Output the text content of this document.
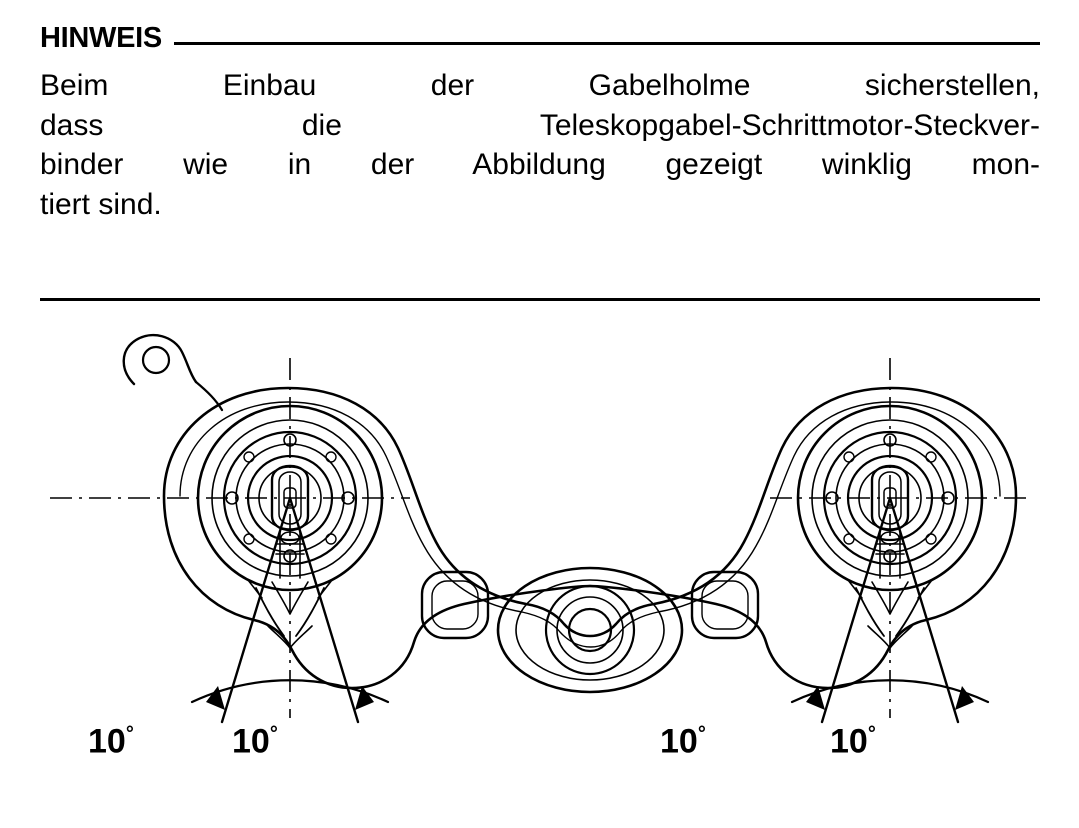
HINWEIS
Beim Einbau der Gabelholme sicherstellen,
dass die Teleskopgabel-Schrittmotor-Steckver-
binder wie in der Abbildung gezeigt winklig mon-
tiert sind.
10°	10°	10°	10°
